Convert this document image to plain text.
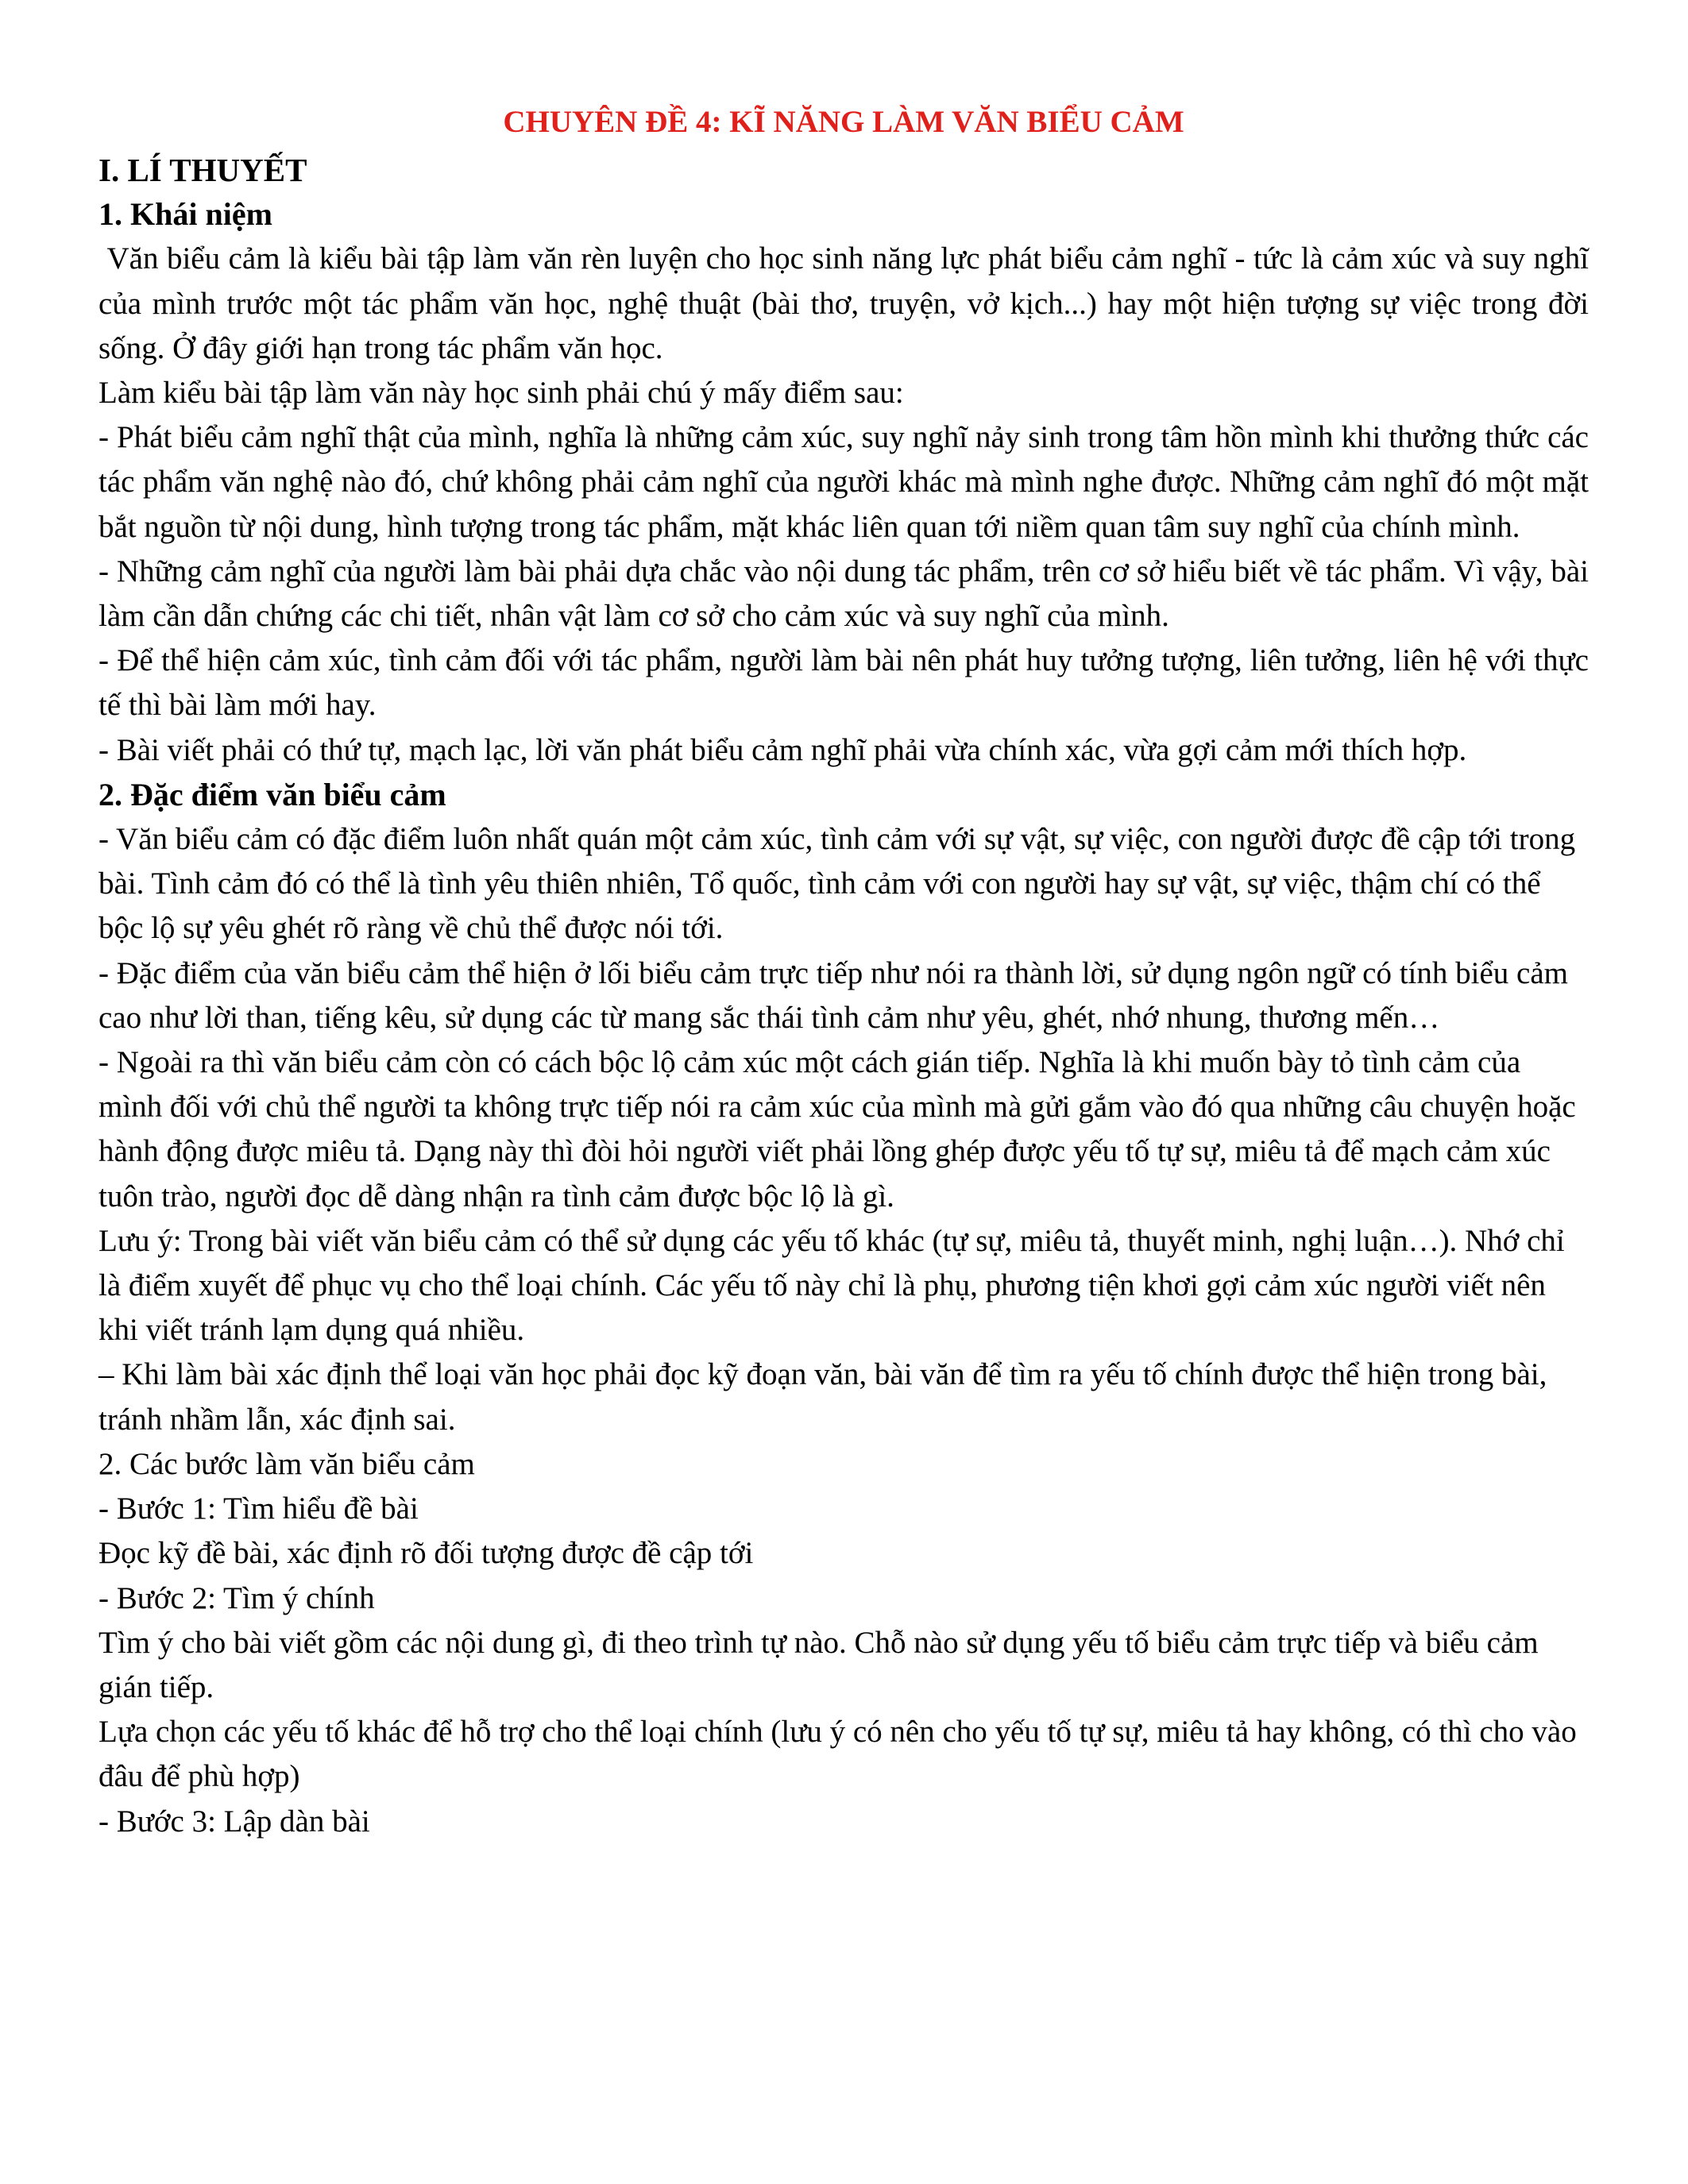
CHUYÊN ĐỀ 4: KĨ NĂNG LÀM VĂN BIỂU CẢM

I. LÍ THUYẾT

1. Khái niệm

Văn biểu cảm là kiểu bài tập làm văn rèn luyện cho học sinh năng lực phát biểu cảm nghĩ - tức là cảm xúc và suy nghĩ của mình trước một tác phẩm văn học, nghệ thuật (bài thơ, truyện, vở kịch...) hay một hiện tượng sự việc trong đời sống. Ở đây giới hạn trong tác phẩm văn học.

Làm kiểu bài tập làm văn này học sinh phải chú ý mấy điểm sau:

- Phát biểu cảm nghĩ thật của mình, nghĩa là những cảm xúc, suy nghĩ nảy sinh trong tâm hồn mình khi thưởng thức các tác phẩm văn nghệ nào đó, chứ không phải cảm nghĩ của người khác mà mình nghe được. Những cảm nghĩ đó một mặt bắt nguồn từ nội dung, hình tượng trong tác phẩm, mặt khác liên quan tới niềm quan tâm suy nghĩ của chính mình.

- Những cảm nghĩ của người làm bài phải dựa chắc vào nội dung tác phẩm, trên cơ sở hiểu biết về tác phẩm. Vì vậy, bài làm cần dẫn chứng các chi tiết, nhân vật làm cơ sở cho cảm xúc và suy nghĩ của mình.

- Để thể hiện cảm xúc, tình cảm đối với tác phẩm, người làm bài nên phát huy tưởng tượng, liên tưởng, liên hệ với thực tế thì bài làm mới hay.

- Bài viết phải có thứ tự, mạch lạc, lời văn phát biểu cảm nghĩ phải vừa chính xác, vừa gợi cảm mới thích hợp.

2. Đặc điểm văn biểu cảm

- Văn biểu cảm có đặc điểm luôn nhất quán một cảm xúc, tình cảm với sự vật, sự việc, con người được đề cập tới trong bài. Tình cảm đó có thể là tình yêu thiên nhiên, Tổ quốc, tình cảm với con người hay sự vật, sự việc, thậm chí có thể bộc lộ sự yêu ghét rõ ràng về chủ thể được nói tới.

- Đặc điểm của văn biểu cảm thể hiện ở lối biểu cảm trực tiếp như nói ra thành lời, sử dụng ngôn ngữ có tính biểu cảm cao như lời than, tiếng kêu, sử dụng các từ mang sắc thái tình cảm như yêu, ghét, nhớ nhung, thương mến…

- Ngoài ra thì văn biểu cảm còn có cách bộc lộ cảm xúc một cách gián tiếp. Nghĩa là khi muốn bày tỏ tình cảm của mình đối với chủ thể người ta không trực tiếp nói ra cảm xúc của mình mà gửi gắm vào đó qua những câu chuyện hoặc hành động được miêu tả. Dạng này thì đòi hỏi người viết phải lồng ghép được yếu tố tự sự, miêu tả để mạch cảm xúc tuôn trào, người đọc dễ dàng nhận ra tình cảm được bộc lộ là gì.

Lưu ý: Trong bài viết văn biểu cảm có thể sử dụng các yếu tố khác (tự sự, miêu tả, thuyết minh, nghị luận…). Nhớ chỉ là điểm xuyết để phục vụ cho thể loại chính. Các yếu tố này chỉ là phụ, phương tiện khơi gợi cảm xúc người viết nên khi viết tránh lạm dụng quá nhiều.

– Khi làm bài xác định thể loại văn học phải đọc kỹ đoạn văn, bài văn để tìm ra yếu tố chính được thể hiện trong bài, tránh nhầm lẫn, xác định sai.

2. Các bước làm văn biểu cảm

- Bước 1: Tìm hiểu đề bài

Đọc kỹ đề bài, xác định rõ đối tượng được đề cập tới

- Bước 2: Tìm ý chính

Tìm ý cho bài viết gồm các nội dung gì, đi theo trình tự nào. Chỗ nào sử dụng yếu tố biểu cảm trực tiếp và biểu cảm gián tiếp.

Lựa chọn các yếu tố khác để hỗ trợ cho thể loại chính (lưu ý có nên cho yếu tố tự sự, miêu tả hay không, có thì cho vào đâu để phù hợp)

- Bước 3: Lập dàn bài
